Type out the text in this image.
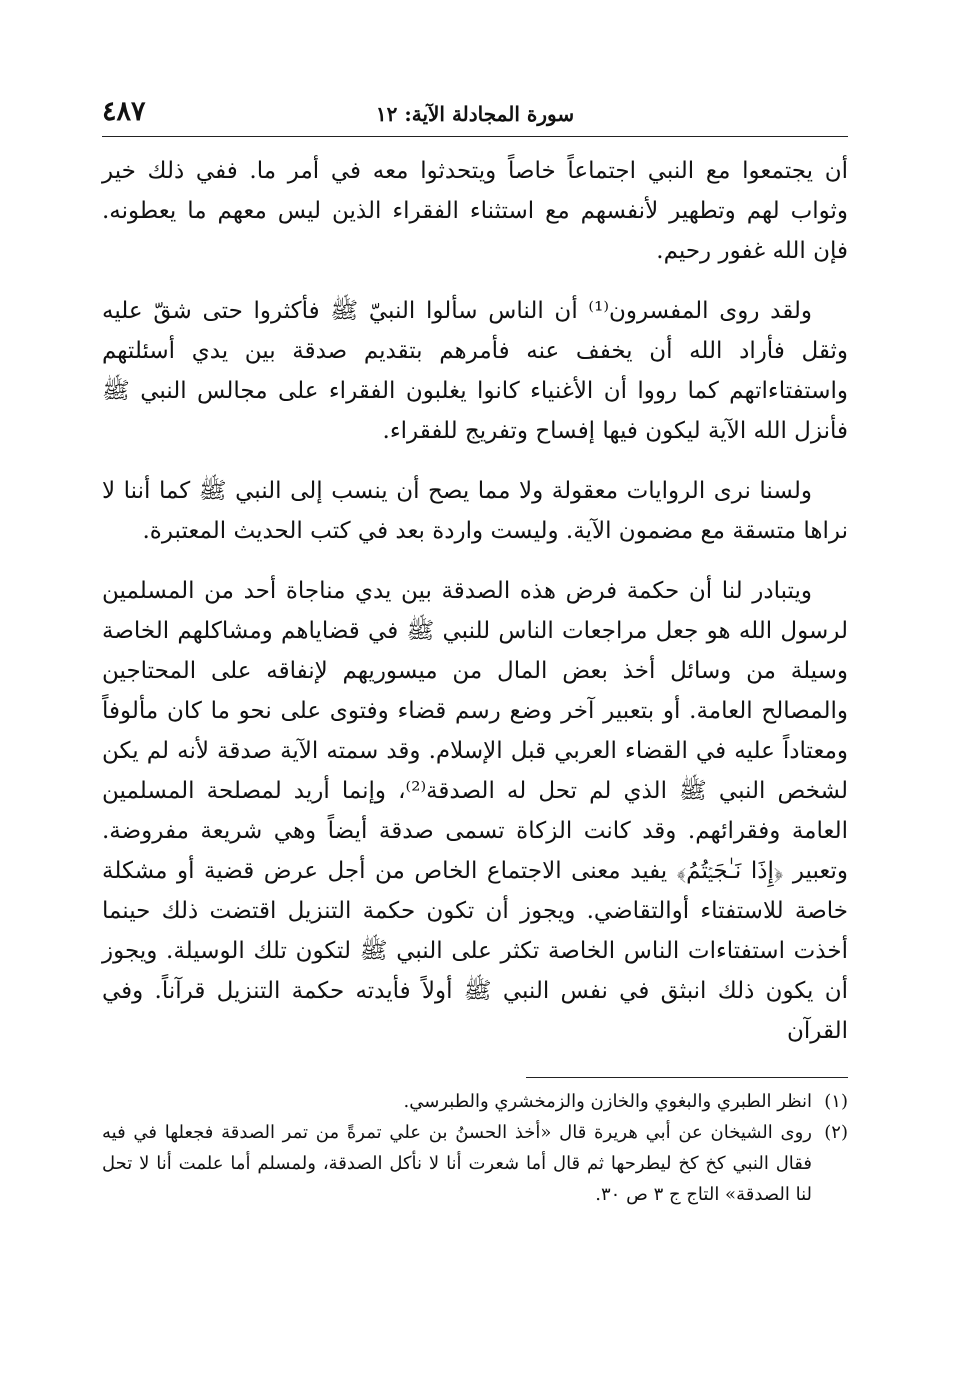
سورة المجادلة الآية: ١٢
٤٨٧

أن يجتمعوا مع النبي اجتماعاً خاصاً ويتحدثوا معه في أمر ما. ففي ذلك خير وثواب لهم وتطهير لأنفسهم مع استثناء الفقراء الذين ليس معهم ما يعطونه. فإن الله غفور رحيم.

ولقد روى المفسرون⁽¹⁾ أن الناس سألوا النبيّ ﷺ فأكثروا حتى شقّ عليه وثقل فأراد الله أن يخفف عنه فأمرهم بتقديم صدقة بين يدي أسئلتهم واستفتاءاتهم كما رووا أن الأغنياء كانوا يغلبون الفقراء على مجالس النبي ﷺ فأنزل الله الآية ليكون فيها إفساح وتفريج للفقراء.

ولسنا نرى الروايات معقولة ولا مما يصح أن ينسب إلى النبي ﷺ كما أننا لا نراها متسقة مع مضمون الآية. وليست واردة بعد في كتب الحديث المعتبرة.

ويتبادر لنا أن حكمة فرض هذه الصدقة بين يدي مناجاة أحد من المسلمين لرسول الله هو جعل مراجعات الناس للنبي ﷺ في قضاياهم ومشاكلهم الخاصة وسيلة من وسائل أخذ بعض المال من ميسوريهم لإنفاقه على المحتاجين والمصالح العامة. أو بتعبير آخر وضع رسم قضاء وفتوى على نحو ما كان مألوفاً ومعتاداً عليه في القضاء العربي قبل الإسلام. وقد سمته الآية صدقة لأنه لم يكن لشخص النبي ﷺ الذي لم تحل له الصدقة⁽²⁾، وإنما أريد لمصلحة المسلمين العامة وفقرائهم. وقد كانت الزكاة تسمى صدقة أيضاً وهي شريعة مفروضة. وتعبير ﴿إِذَا نَـٰجَيۡتُمُ﴾ يفيد معنى الاجتماع الخاص من أجل عرض قضية أو مشكلة خاصة للاستفتاء أوالتقاضي. ويجوز أن تكون حكمة التنزيل اقتضت ذلك حينما أخذت استفتاءات الناس الخاصة تكثر على النبي ﷺ لتكون تلك الوسيلة. ويجوز أن يكون ذلك انبثق في نفس النبي ﷺ أولاً فأيدته حكمة التنزيل قرآناً. وفي القرآن

(١)
انظر الطبري والبغوي والخازن والزمخشري والطبرسي.
(٢)
روى الشيخان عن أبي هريرة قال «أخذ الحسنُ بن علي تمرةً من تمر الصدقة فجعلها في فيه فقال النبي كخ كخ ليطرحها ثم قال أما شعرت أنا لا نأكل الصدقة، ولمسلم أما علمت أنا لا تحل لنا الصدقة» التاج ج ٣ ص ٣٠.
